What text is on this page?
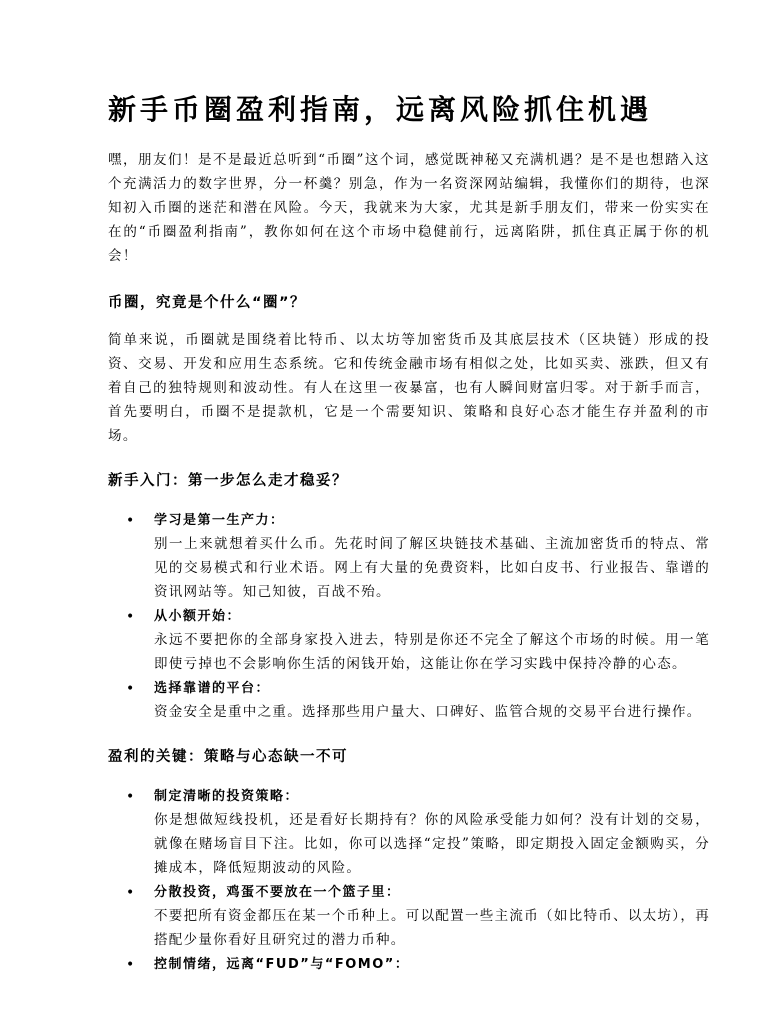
新手币圈盈利指南，远离风险抓住机遇

嘿，朋友们！是不是最近总听到“币圈”这个词，感觉既神秘又充满机遇？是不是也想踏入这个充满活力的数字世界，分一杯羹？别急，作为一名资深网站编辑，我懂你们的期待，也深知初入币圈的迷茫和潜在风险。今天，我就来为大家，尤其是新手朋友们，带来一份实实在在的“币圈盈利指南”，教你如何在这个市场中稳健前行，远离陷阱，抓住真正属于你的机会！

币圈，究竟是个什么“圈”？

简单来说，币圈就是围绕着比特币、以太坊等加密货币及其底层技术（区块链）形成的投资、交易、开发和应用生态系统。它和传统金融市场有相似之处，比如买卖、涨跌，但又有着自己的独特规则和波动性。有人在这里一夜暴富，也有人瞬间财富归零。对于新手而言，首先要明白，币圈不是提款机，它是一个需要知识、策略和良好心态才能生存并盈利的市场。

新手入门：第一步怎么走才稳妥？
• 学习是第一生产力：
别一上来就想着买什么币。先花时间了解区块链技术基础、主流加密货币的特点、常见的交易模式和行业术语。网上有大量的免费资料，比如白皮书、行业报告、靠谱的资讯网站等。知己知彼，百战不殆。
• 从小额开始：
永远不要把你的全部身家投入进去，特别是你还不完全了解这个市场的时候。用一笔即使亏掉也不会影响你生活的闲钱开始，这能让你在学习实践中保持冷静的心态。
• 选择靠谱的平台：
资金安全是重中之重。选择那些用户量大、口碑好、监管合规的交易平台进行操作。
盈利的关键：策略与心态缺一不可
• 制定清晰的投资策略：
你是想做短线投机，还是看好长期持有？你的风险承受能力如何？没有计划的交易，就像在赌场盲目下注。比如，你可以选择“定投”策略，即定期投入固定金额购买，分摊成本，降低短期波动的风险。
• 分散投资，鸡蛋不要放在一个篮子里：
不要把所有资金都压在某一个币种上。可以配置一些主流币（如比特币、以太坊），再搭配少量你看好且研究过的潜力币种。
• 控制情绪，远离“FUD”与“FOMO”：
